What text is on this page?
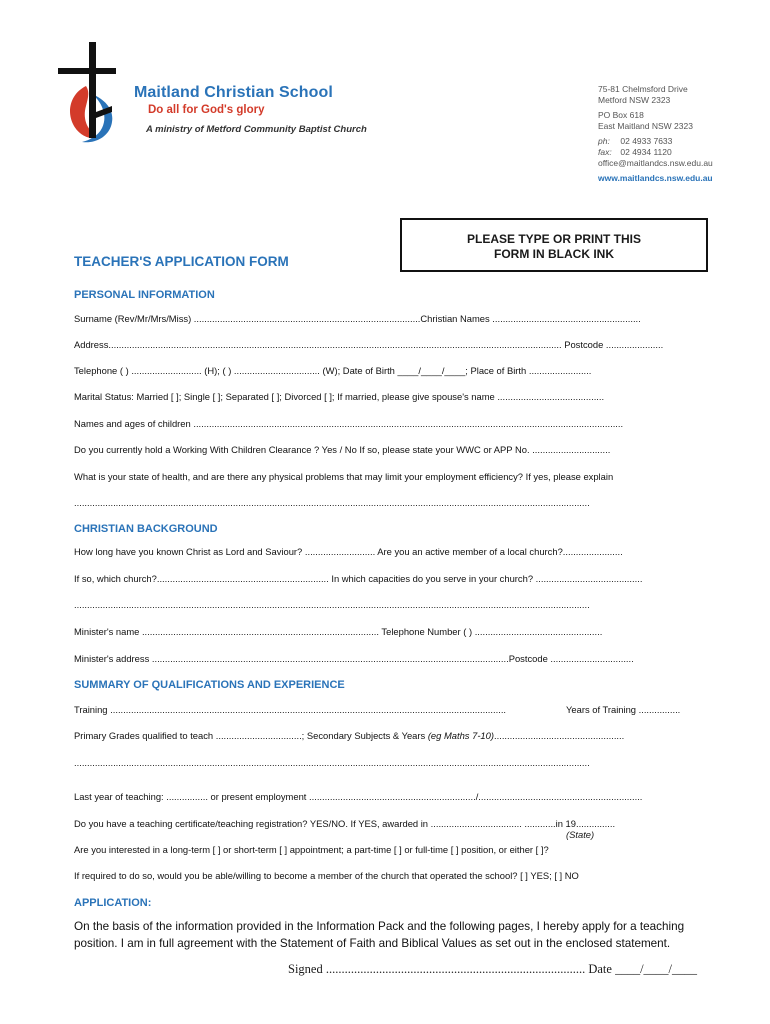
Maitland Christian School
Do all for God's glory
A ministry of Metford Community Baptist Church
75-81 Chelmsford Drive
Metford NSW 2323
PO Box 618
East Maitland NSW 2323
ph: 02 4933 7633
fax: 02 4934 1120
office@maitlandcs.nsw.edu.au
www.maitlandcs.nsw.edu.au
PLEASE TYPE OR PRINT THIS
FORM IN BLACK INK
TEACHER'S APPLICATION FORM
PERSONAL INFORMATION
Surname (Rev/Mr/Mrs/Miss) .......................................................................................Christian Names .........................................................
Address.............................................................................................................................................................................. Postcode ......................
Telephone ( ) ........................... (H); ( ) ................................. (W); Date of Birth ____/____/____; Place of Birth ........................
Marital Status: Married [ ]; Single [ ]; Separated [ ]; Divorced [ ]; If married, please give spouse's name .........................................
Names and ages of children .....................................................................................................................................................................
Do you currently hold a Working With Children Clearance ? Yes / No If so, please state your WWC or APP No. ..............................
What is your state of health, and are there any physical problems that may limit your employment efficiency? If yes, please explain
......................................................................................................................................................................................................
CHRISTIAN BACKGROUND
How long have you known Christ as Lord and Saviour? ........................... Are you an active member of a local church?.......................
If so, which church?.................................................................. In which capacities do you serve in your church? .........................................
......................................................................................................................................................................................................
Minister's name ........................................................................................... Telephone Number ( ) .................................................
Minister's address .........................................................................................................................................Postcode ................................
SUMMARY OF QUALIFICATIONS AND EXPERIENCE
Training ........................................................................................................................................................	Years of Training ................
Primary Grades qualified to teach .................................; Secondary Subjects & Years (eg Maths 7-10)..................................................
......................................................................................................................................................................................................
Last year of teaching: ................ or present employment ................................................................/...............................................................
Do you have a teaching certificate/teaching registration? YES/NO. If YES, awarded in ................................... ............in 19...............
(State)
Are you interested in a long-term [ ] or short-term [ ] appointment; a part-time [ ] or full-time [ ] position, or either [ ]?
If required to do so, would you be able/willing to become a member of the church that operated the school? [ ] YES; [ ] NO
APPLICATION:
On the basis of the information provided in the Information Pack and the following pages, I hereby apply for a teaching position. I am in full agreement with the Statement of Faith and Biblical Values as set out in the enclosed statement.
Signed ................................................................................... Date ____/____/____
